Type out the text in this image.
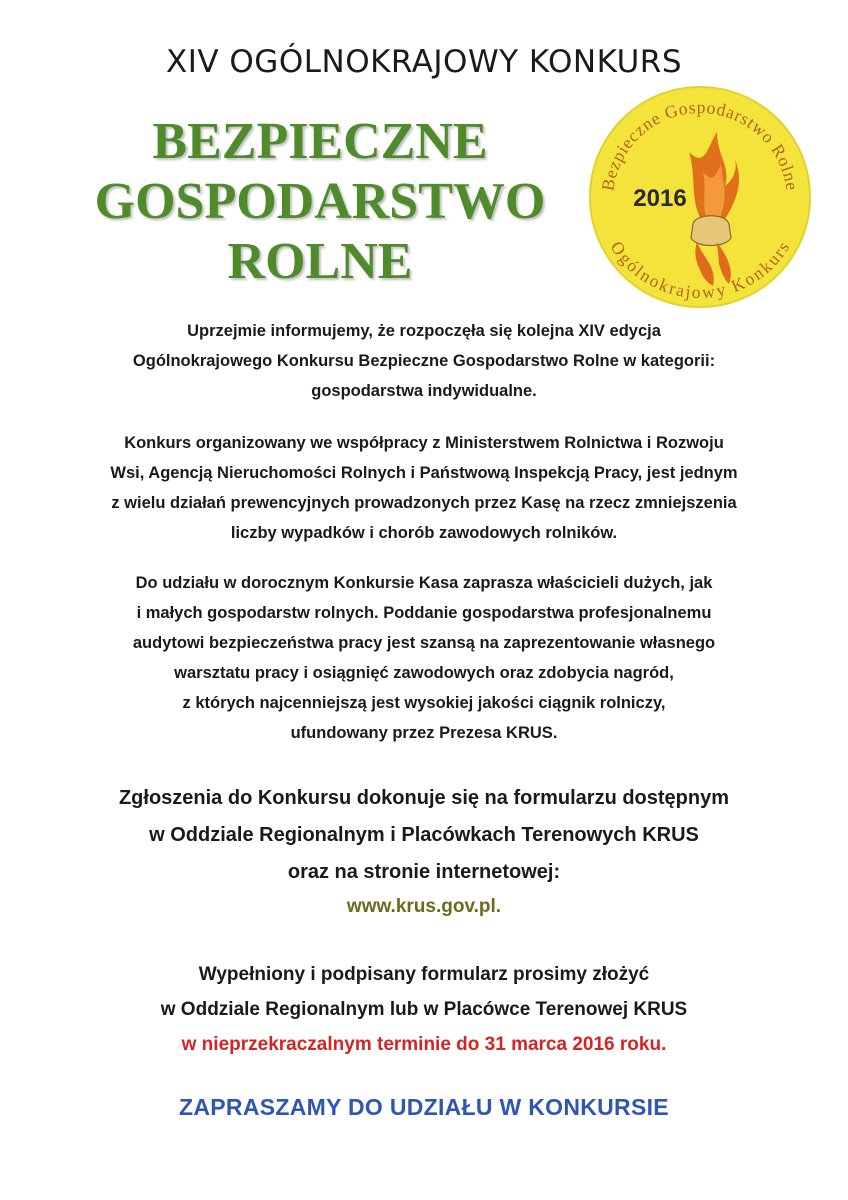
XIV OGÓLNOKRAJOWY KONKURS
BEZPIECZNE
GOSPODARSTWO
ROLNE
Bezpieczne Gospodarstwo Rolne
Ogólnokrajowy Konkurs
2016
Uprzejmie informujemy, że rozpoczęła się kolejna XIV edycja
Ogólnokrajowego Konkursu Bezpieczne Gospodarstwo Rolne w kategorii:
gospodarstwa indywidualne.
Konkurs organizowany we współpracy z Ministerstwem Rolnictwa i Rozwoju
Wsi, Agencją Nieruchomości Rolnych i Państwową Inspekcją Pracy, jest jednym
z wielu działań prewencyjnych prowadzonych przez Kasę na rzecz zmniejszenia
liczby wypadków i chorób zawodowych rolników.
Do udziału w dorocznym Konkursie Kasa zaprasza właścicieli dużych, jak
i małych gospodarstw rolnych. Poddanie gospodarstwa profesjonalnemu
audytowi bezpieczeństwa pracy jest szansą na zaprezentowanie własnego
warsztatu pracy i osiągnięć zawodowych oraz zdobycia nagród,
z których najcenniejszą jest wysokiej jakości ciągnik rolniczy,
ufundowany przez Prezesa KRUS.
Zgłoszenia do Konkursu dokonuje się na formularzu dostępnym
w Oddziale Regionalnym i Placówkach Terenowych KRUS
oraz na stronie internetowej:
www.krus.gov.pl.
Wypełniony i podpisany formularz prosimy złożyć
w Oddziale Regionalnym lub w Placówce Terenowej KRUS
w nieprzekraczalnym terminie do 31 marca 2016 roku.
ZAPRASZAMY DO UDZIAŁU W KONKURSIE
